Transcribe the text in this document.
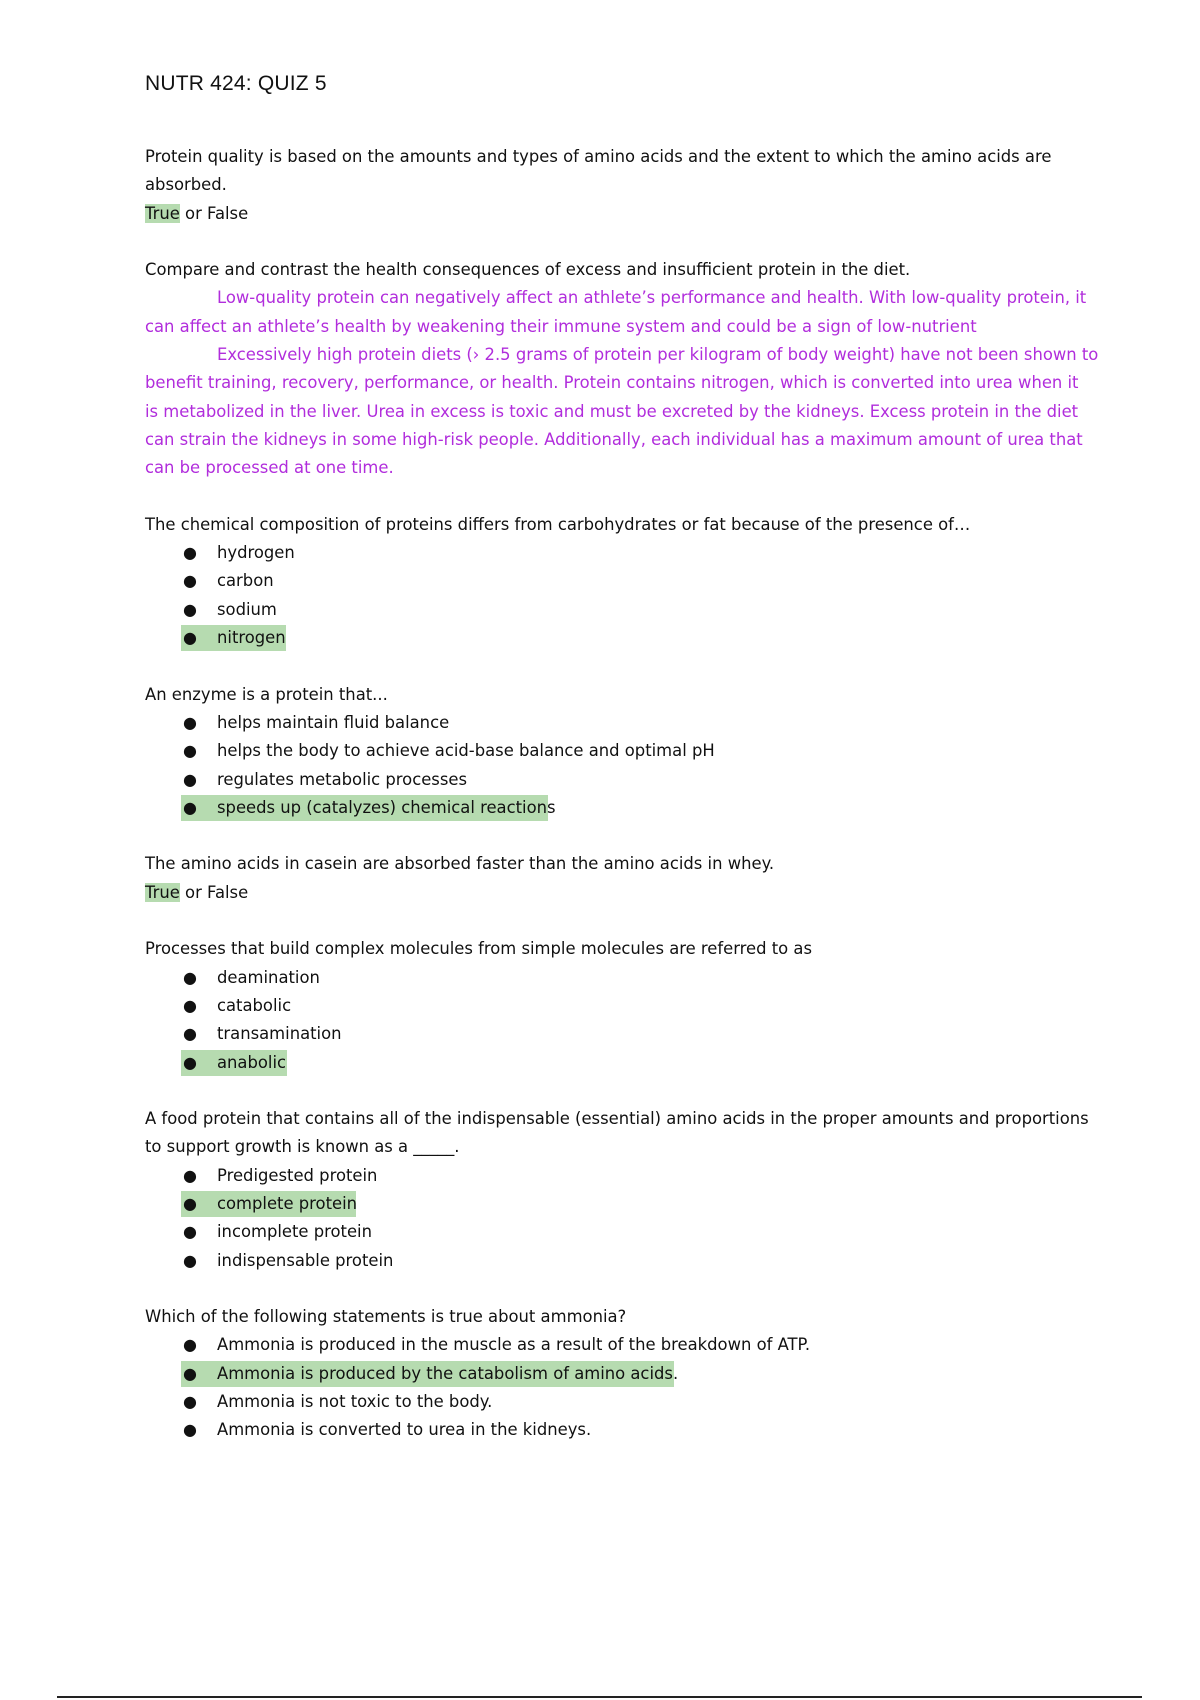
NUTR 424: QUIZ 5
Protein quality is based on the amounts and types of amino acids and the extent to which the amino acids are
absorbed.
True or False
Compare and contrast the health consequences of excess and insufficient protein in the diet.
Low-quality protein can negatively affect an athlete’s performance and health. With low-quality protein, it
can affect an athlete’s health by weakening their immune system and could be a sign of low-nutrient
Excessively high protein diets (› 2.5 grams of protein per kilogram of body weight) have not been shown to
benefit training, recovery, performance, or health. Protein contains nitrogen, which is converted into urea when it
is metabolized in the liver. Urea in excess is toxic and must be excreted by the kidneys. Excess protein in the diet
can strain the kidneys in some high-risk people. Additionally, each individual has a maximum amount of urea that
can be processed at one time.
The chemical composition of proteins differs from carbohydrates or fat because of the presence of…
● hydrogen
● carbon
● sodium
● nitrogen
An enzyme is a protein that...
● helps maintain fluid balance
● helps the body to achieve acid-base balance and optimal pH
● regulates metabolic processes
● speeds up (catalyzes) chemical reactions
The amino acids in casein are absorbed faster than the amino acids in whey.
True or False
Processes that build complex molecules from simple molecules are referred to as
● deamination
● catabolic
● transamination
● anabolic
A food protein that contains all of the indispensable (essential) amino acids in the proper amounts and proportions
to support growth is known as a _____.
● Predigested protein
● complete protein
● incomplete protein
● indispensable protein
Which of the following statements is true about ammonia?
● Ammonia is produced in the muscle as a result of the breakdown of ATP.
● Ammonia is produced by the catabolism of amino acids.
● Ammonia is not toxic to the body.
● Ammonia is converted to urea in the kidneys.
